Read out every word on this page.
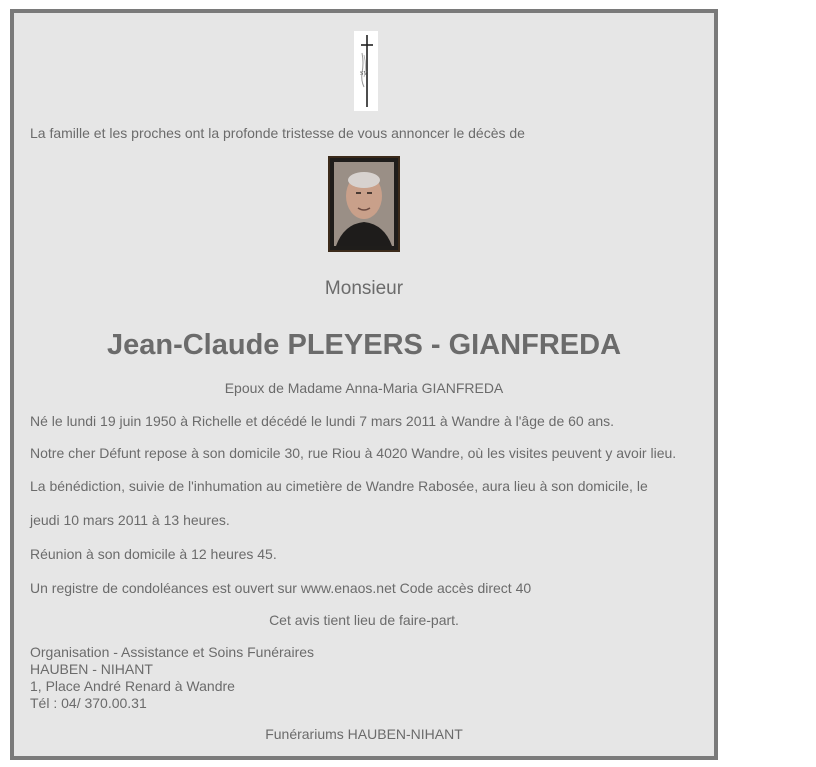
SV
La famille et les proches ont la profonde tristesse de vous annoncer le décès de
Monsieur
Jean-Claude PLEYERS - GIANFREDA
Epoux de Madame Anna-Maria GIANFREDA
Né le lundi 19 juin 1950 à Richelle et décédé le lundi 7 mars 2011 à Wandre à l'âge de 60 ans.
Notre cher Défunt repose à son domicile 30, rue Riou à 4020 Wandre, où les visites peuvent y avoir lieu.
La bénédiction, suivie de l'inhumation au cimetière de Wandre Rabosée, aura lieu à son domicile, le
jeudi 10 mars 2011 à 13 heures.
Réunion à son domicile à 12 heures 45.
Un registre de condoléances est ouvert sur www.enaos.net Code accès direct 40
Cet avis tient lieu de faire-part.
Organisation - Assistance et Soins Funéraires
HAUBEN - NIHANT
1, Place André Renard à Wandre
Tél : 04/ 370.00.31
Funérariums HAUBEN-NIHANT
